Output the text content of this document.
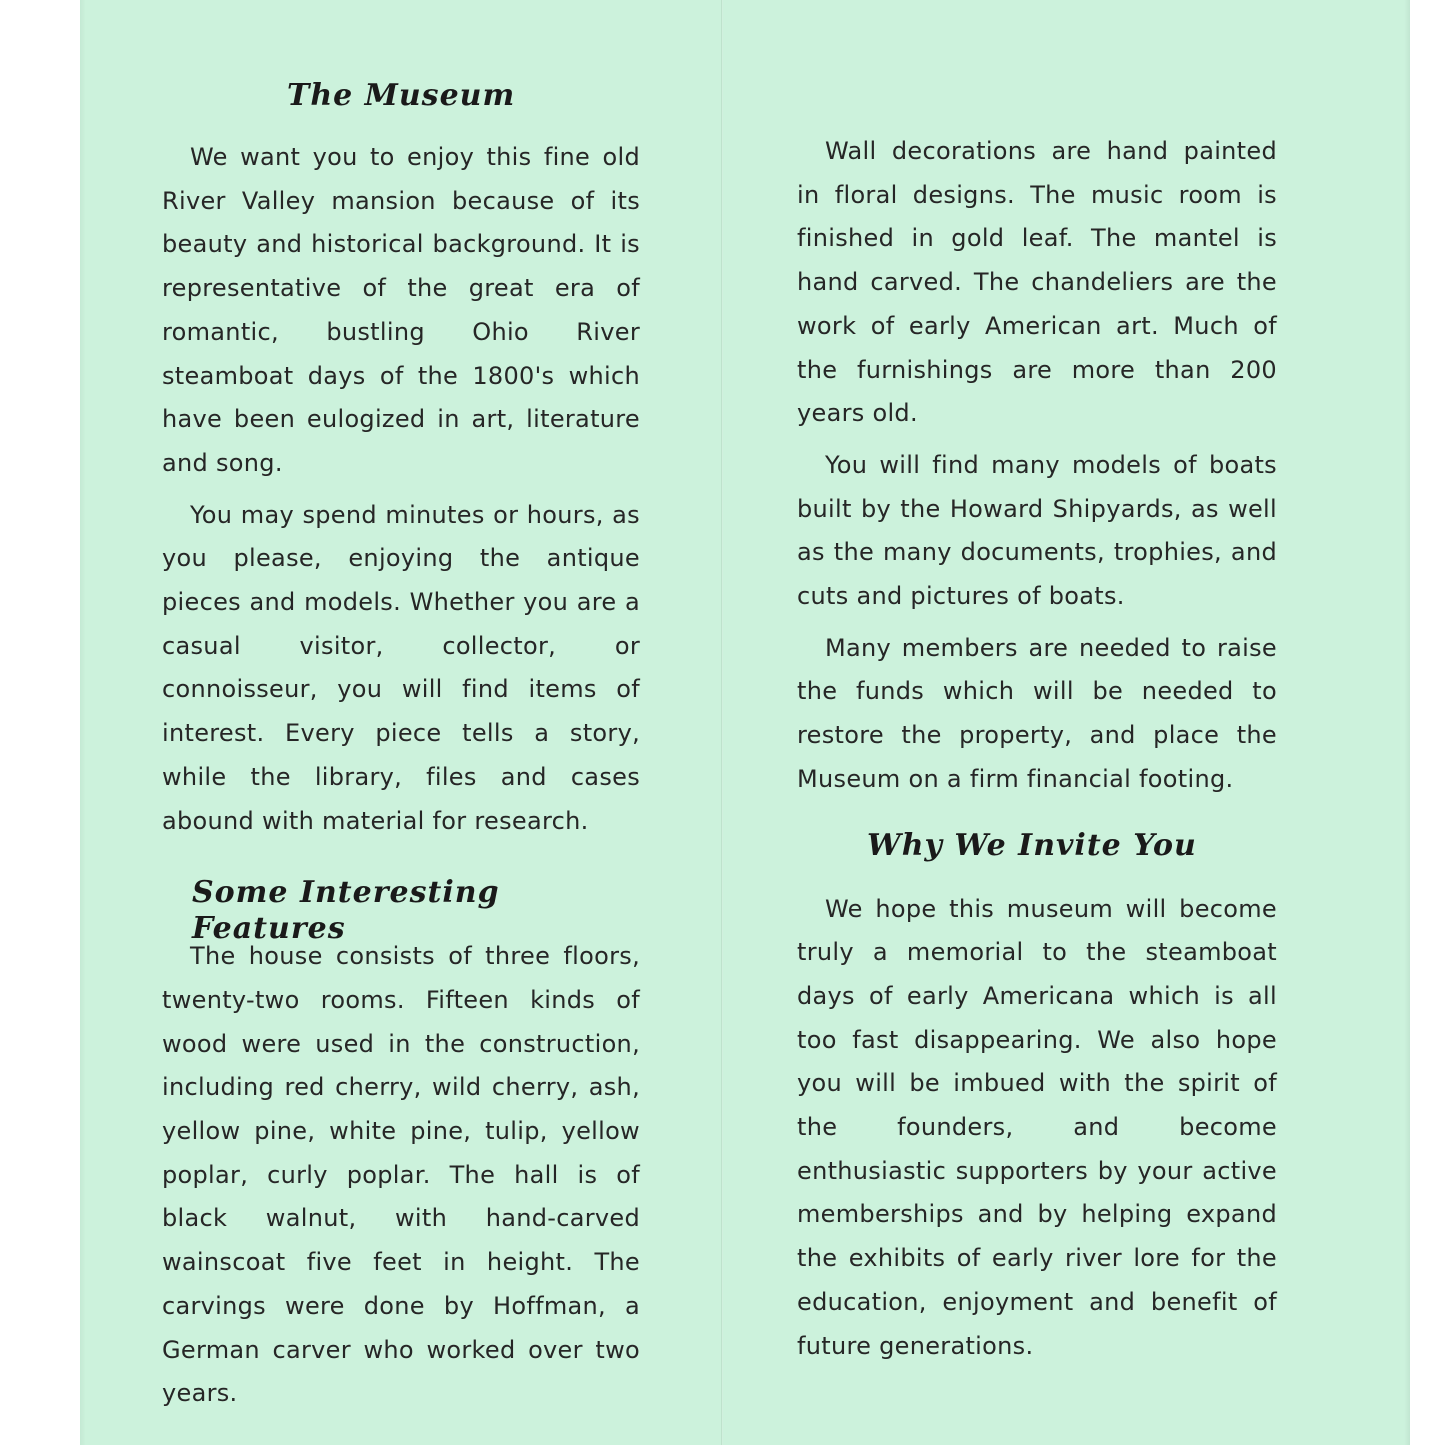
The Museum

We want you to enjoy this fine old River Valley mansion because of its beauty and historical background. It is representative of the great era of romantic, bustling Ohio River steamboat days of the 1800's which have been eulogized in art, literature and song.

You may spend minutes or hours, as you please, enjoying the antique pieces and models. Whether you are a casual visitor, collector, or connoisseur, you will find items of interest. Every piece tells a story, while the library, files and cases abound with material for research.

Some Interesting Features

The house consists of three floors, twenty-two rooms. Fifteen kinds of wood were used in the construction, including red cherry, wild cherry, ash, yellow pine, white pine, tulip, yellow poplar, curly poplar. The hall is of black walnut, with hand-carved wainscoat five feet in height. The carvings were done by Hoffman, a German carver who worked over two years.

Wall decorations are hand painted in floral designs. The music room is finished in gold leaf. The mantel is hand carved. The chandeliers are the work of early American art. Much of the furnishings are more than 200 years old.

You will find many models of boats built by the Howard Shipyards, as well as the many documents, trophies, and cuts and pictures of boats.

Many members are needed to raise the funds which will be needed to restore the property, and place the Museum on a firm financial footing.

Why We Invite You

We hope this museum will become truly a memorial to the steamboat days of early Americana which is all too fast disappearing. We also hope you will be imbued with the spirit of the founders, and become enthusiastic supporters by your active memberships and by helping expand the exhibits of early river lore for the education, enjoyment and benefit of future generations.
